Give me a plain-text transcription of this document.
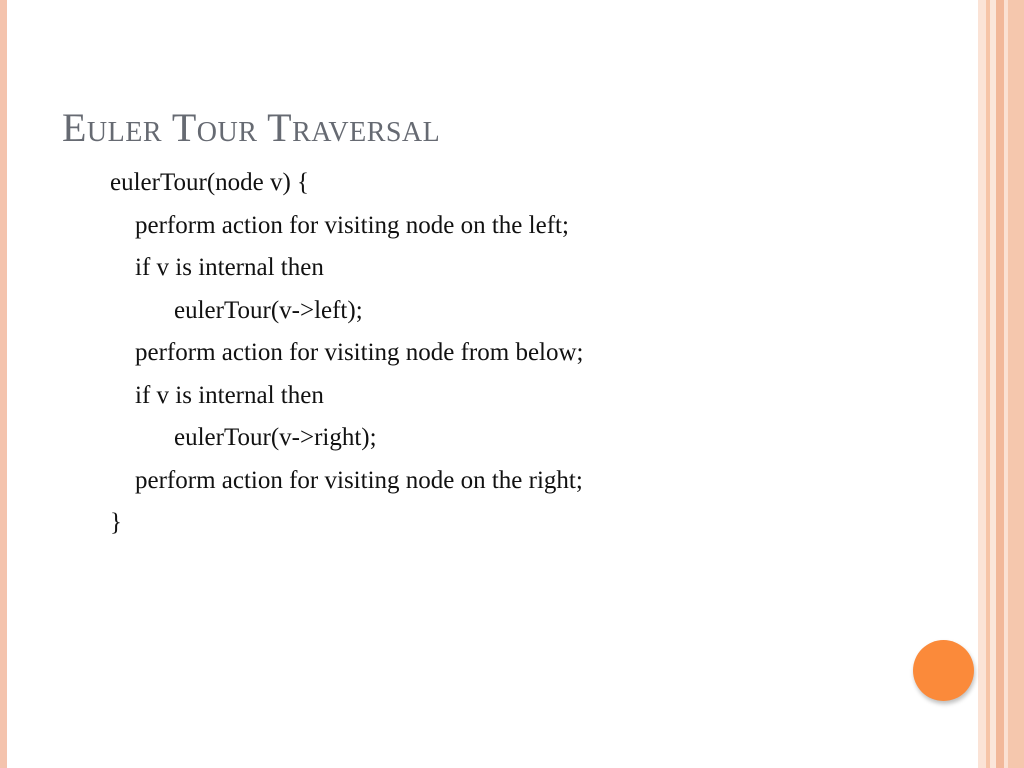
Euler Tour Traversal
eulerTour(node v) {
perform action for visiting node on the left;
if v is internal then
eulerTour(v->left);
perform action for visiting node from below;
if v is internal then
eulerTour(v->right);
perform action for visiting node on the right;
}
